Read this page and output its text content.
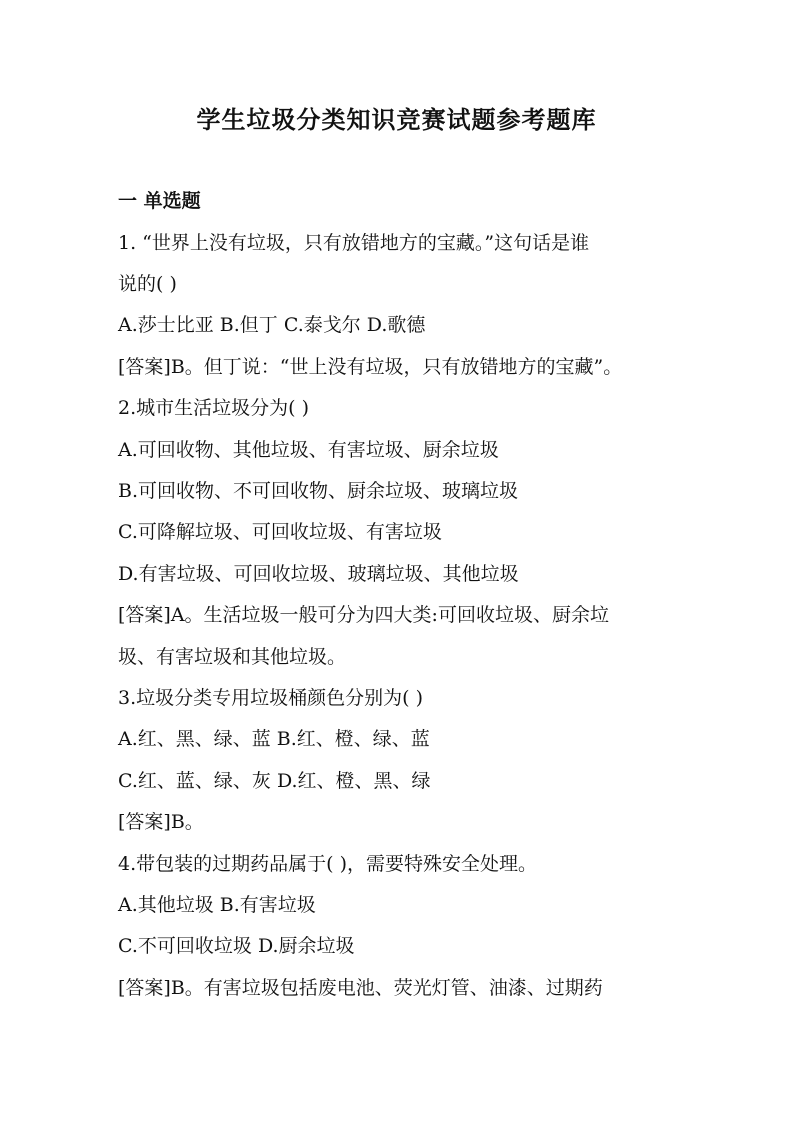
学生垃圾分类知识竞赛试题参考题库

一 单选题

1. “世界上没有垃圾，只有放错地方的宝藏。”这句话是谁

说的( )

A.莎士比亚 B.但丁 C.泰戈尔 D.歌德

[答案]B。但丁说：“世上没有垃圾，只有放错地方的宝藏”。

2.城市生活垃圾分为( )

A.可回收物、其他垃圾、有害垃圾、厨余垃圾

B.可回收物、不可回收物、厨余垃圾、玻璃垃圾

C.可降解垃圾、可回收垃圾、有害垃圾

D.有害垃圾、可回收垃圾、玻璃垃圾、其他垃圾

[答案]A。生活垃圾一般可分为四大类:可回收垃圾、厨余垃

圾、有害垃圾和其他垃圾。

3.垃圾分类专用垃圾桶颜色分别为( )

A.红、黑、绿、蓝 B.红、橙、绿、蓝

C.红、蓝、绿、灰 D.红、橙、黑、绿

[答案]B。

4.带包装的过期药品属于( )，需要特殊安全处理。

A.其他垃圾 B.有害垃圾

C.不可回收垃圾 D.厨余垃圾

[答案]B。有害垃圾包括废电池、荧光灯管、油漆、过期药
